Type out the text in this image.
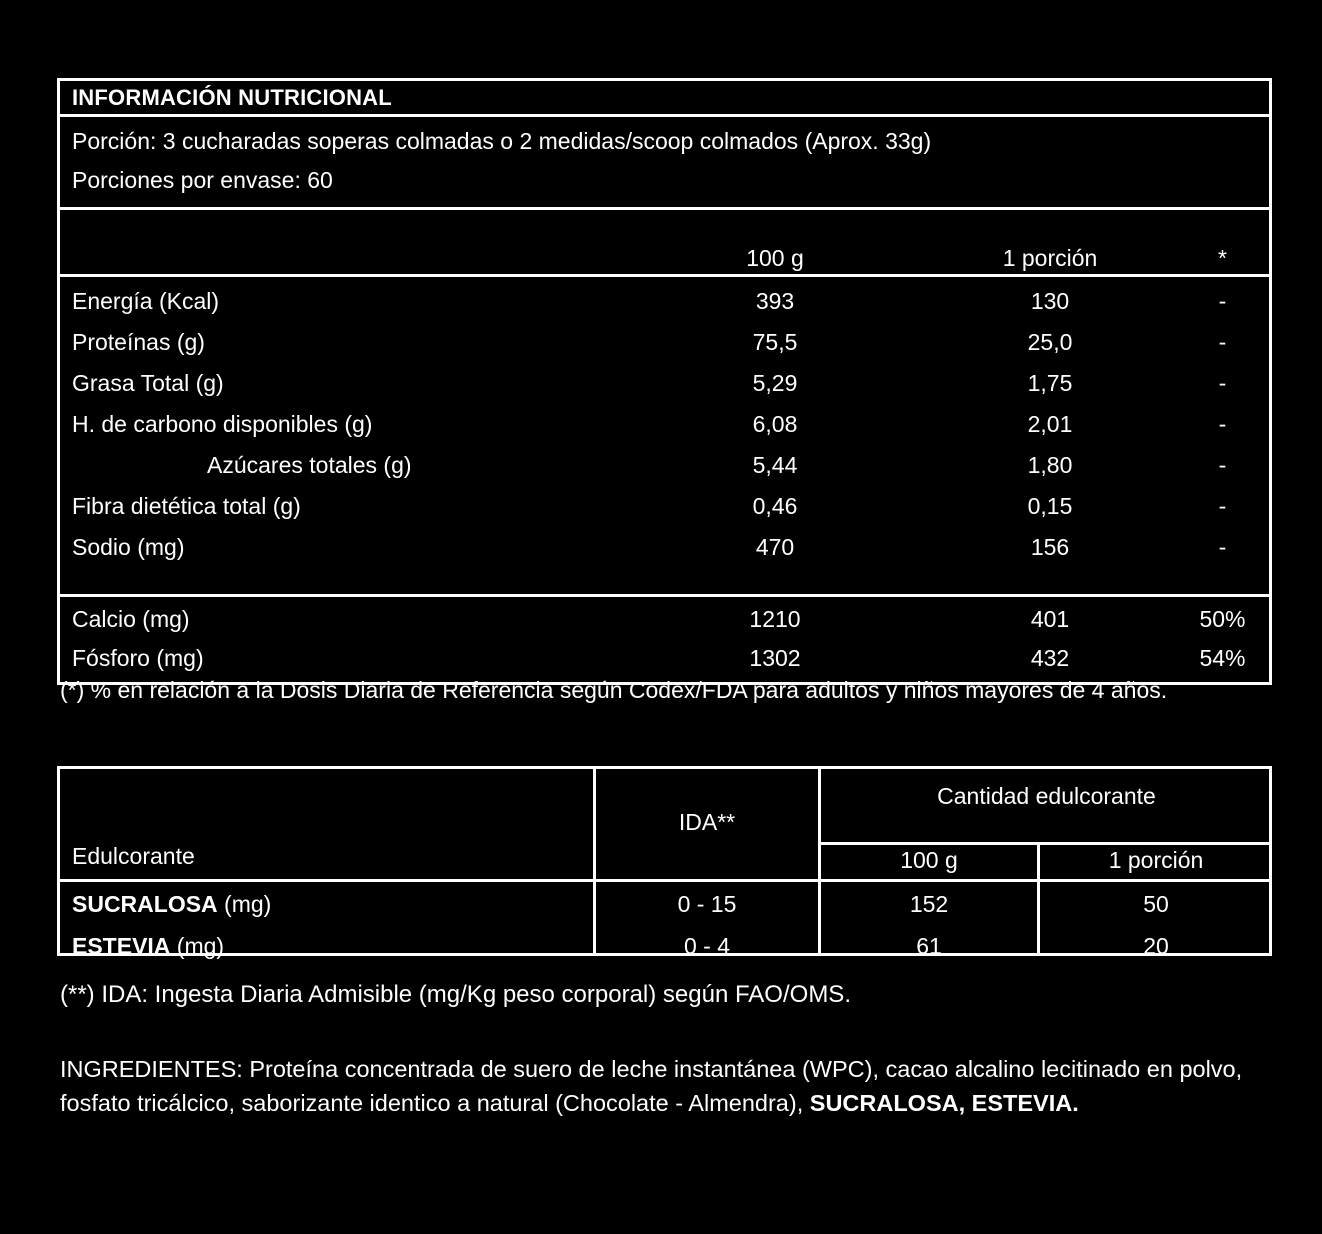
INFORMACIÓN NUTRICIONAL
Porción: 3 cucharadas soperas colmadas o 2 medidas/scoop colmados (Aprox. 33g)
Porciones por envase: 60
100 g	1 porción	*
Energía (Kcal)	393	130	-
Proteínas (g)	75,5	25,0	-
Grasa Total (g)	5,29	1,75	-
H. de carbono disponibles (g)	6,08	2,01	-
Azúcares totales (g)	5,44	1,80	-
Fibra dietética total (g)	0,46	0,15	-
Sodio (mg)	470	156	-
Calcio (mg)	1210	401	50%
Fósforo (mg)	1302	432	54%
(*) % en relación a la Dosis Diaria de Referencia según Codex/FDA para adultos y niños mayores de 4 años.
Edulcorante
IDA**
Cantidad edulcorante
100 g	1 porción
SUCRALOSA (mg)	0 - 15	152	50
ESTEVIA (mg)	0 - 4	61	20
(**) IDA: Ingesta Diaria Admisible (mg/Kg peso corporal) según FAO/OMS.
INGREDIENTES: Proteína concentrada de suero de leche instantánea (WPC), cacao alcalino lecitinado en polvo, fosfato tricálcico, saborizante identico a natural (Chocolate - Almendra), SUCRALOSA, ESTEVIA.
